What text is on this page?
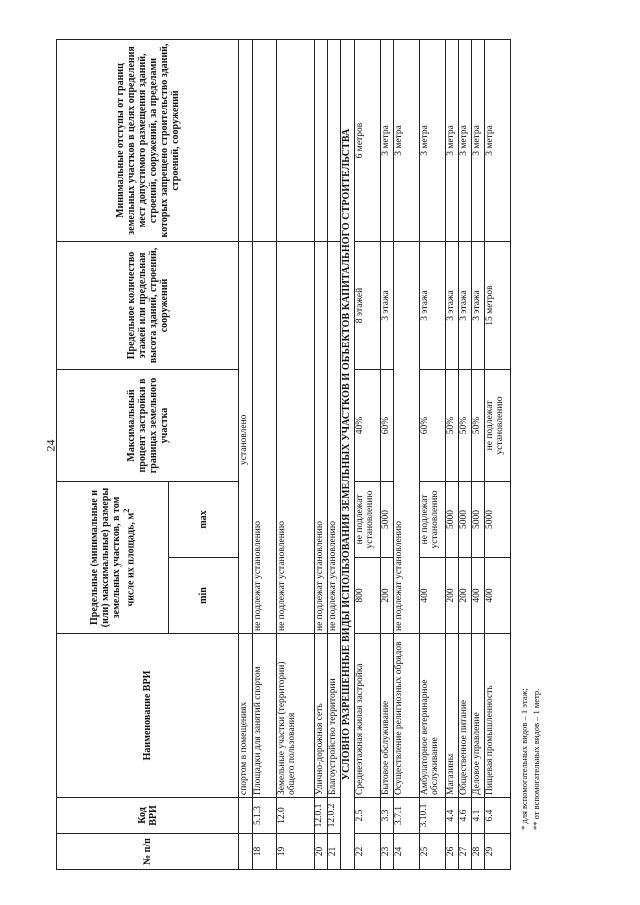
24
№ п/п	Код ВРИ	Наименование ВРИ	Предельные (минимальные и (или) максимальные) размеры земельных участков, в том числе их площадь, $м^2$		Максимальный процент застройки в границах земельного участка	Предельное количество этажей или предельная высота зданий, строений, сооружений	Минимальные отступы от границ земельных участков в целях определения мест допустимого размещения зданий, строений, сооружений, за пределами которых запрещено строительство зданий, строений, сооружений
			min	max			
		спортом в помещениях	установлено				
18	5.1.3	Площадки для занятий спортом	не подлежат установлению				
19	12.0	Земельные участки (территории) общего пользования	не подлежат установлению				
20	12.0.1	Улично-дорожная сеть	не подлежат установлению				
21	12.0.2	Благоустройство территории	не подлежат установлению				
УСЛОВНО РАЗРЕШЕННЫЕ ВИДЫ ИСПОЛЬЗОВАНИЯ ЗЕМЕЛЬНЫХ УЧАСТКОВ И ОБЪЕКТОВ КАПИТАЛЬНОГО СТРОИТЕЛЬСТВА							
22	2.5	Среднеэтажная жилая застройка	800	не подлежат установлению	40%	8 этажей	6 метров
23	3.3	Бытовое обслуживание	200	5000	60%	3 этажа	3 метра
24	3.7.1	Осуществление религиозных обрядов	не подлежат установлению				3 метра
25	3.10.1	Амбулаторное ветеринарное обслуживание	400	не подлежат установлению	60%	3 этажа	3 метра
26	4.4	Магазины	200	5000	50%	3 этажа	3 метра
27	4.6	Общественное питание	200	5000	50%	3 этажа	3 метра
28	4.1	Деловое управление	400	5000	50%	3 этажа	3 метра
29	6.4	Пищевая промышленность	400	5000	не подлежат установлению	15 метров	3 метра
* для вспомогательных видов – 1 этаж; ** от вспомогательных видов – 1 метр.
